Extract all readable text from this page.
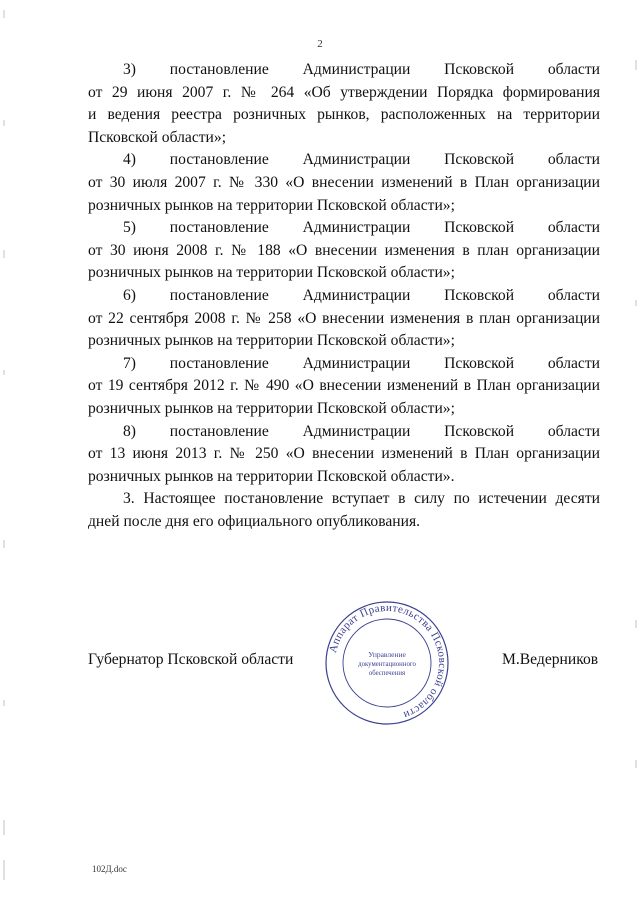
2
3) постановление Администрации Псковской области
от 29 июня 2007 г. № 264 «Об утверждении Порядка формирования
и ведения реестра розничных рынков, расположенных на территории
Псковской области»;
4) постановление Администрации Псковской области
от 30 июля 2007 г. № 330 «О внесении изменений в План организации
розничных рынков на территории Псковской области»;
5) постановление Администрации Псковской области
от 30 июня 2008 г. № 188 «О внесении изменения в план организации
розничных рынков на территории Псковской области»;
6) постановление Администрации Псковской области
от 22 сентября 2008 г. № 258 «О внесении изменения в план организации
розничных рынков на территории Псковской области»;
7) постановление Администрации Псковской области
от 19 сентября 2012 г. № 490 «О внесении изменений в План организации
розничных рынков на территории Псковской области»;
8) постановление Администрации Псковской области
от 13 июня 2013 г. № 250 «О внесении изменений в План организации
розничных рынков на территории Псковской области».
3. Настоящее постановление вступает в силу по истечении десяти
дней после дня его официального опубликования.
Губернатор Псковской области
Аппарат Правительства Псковской области
Управление
документационного
обеспечения
М.Ведерников
102Д.doc
